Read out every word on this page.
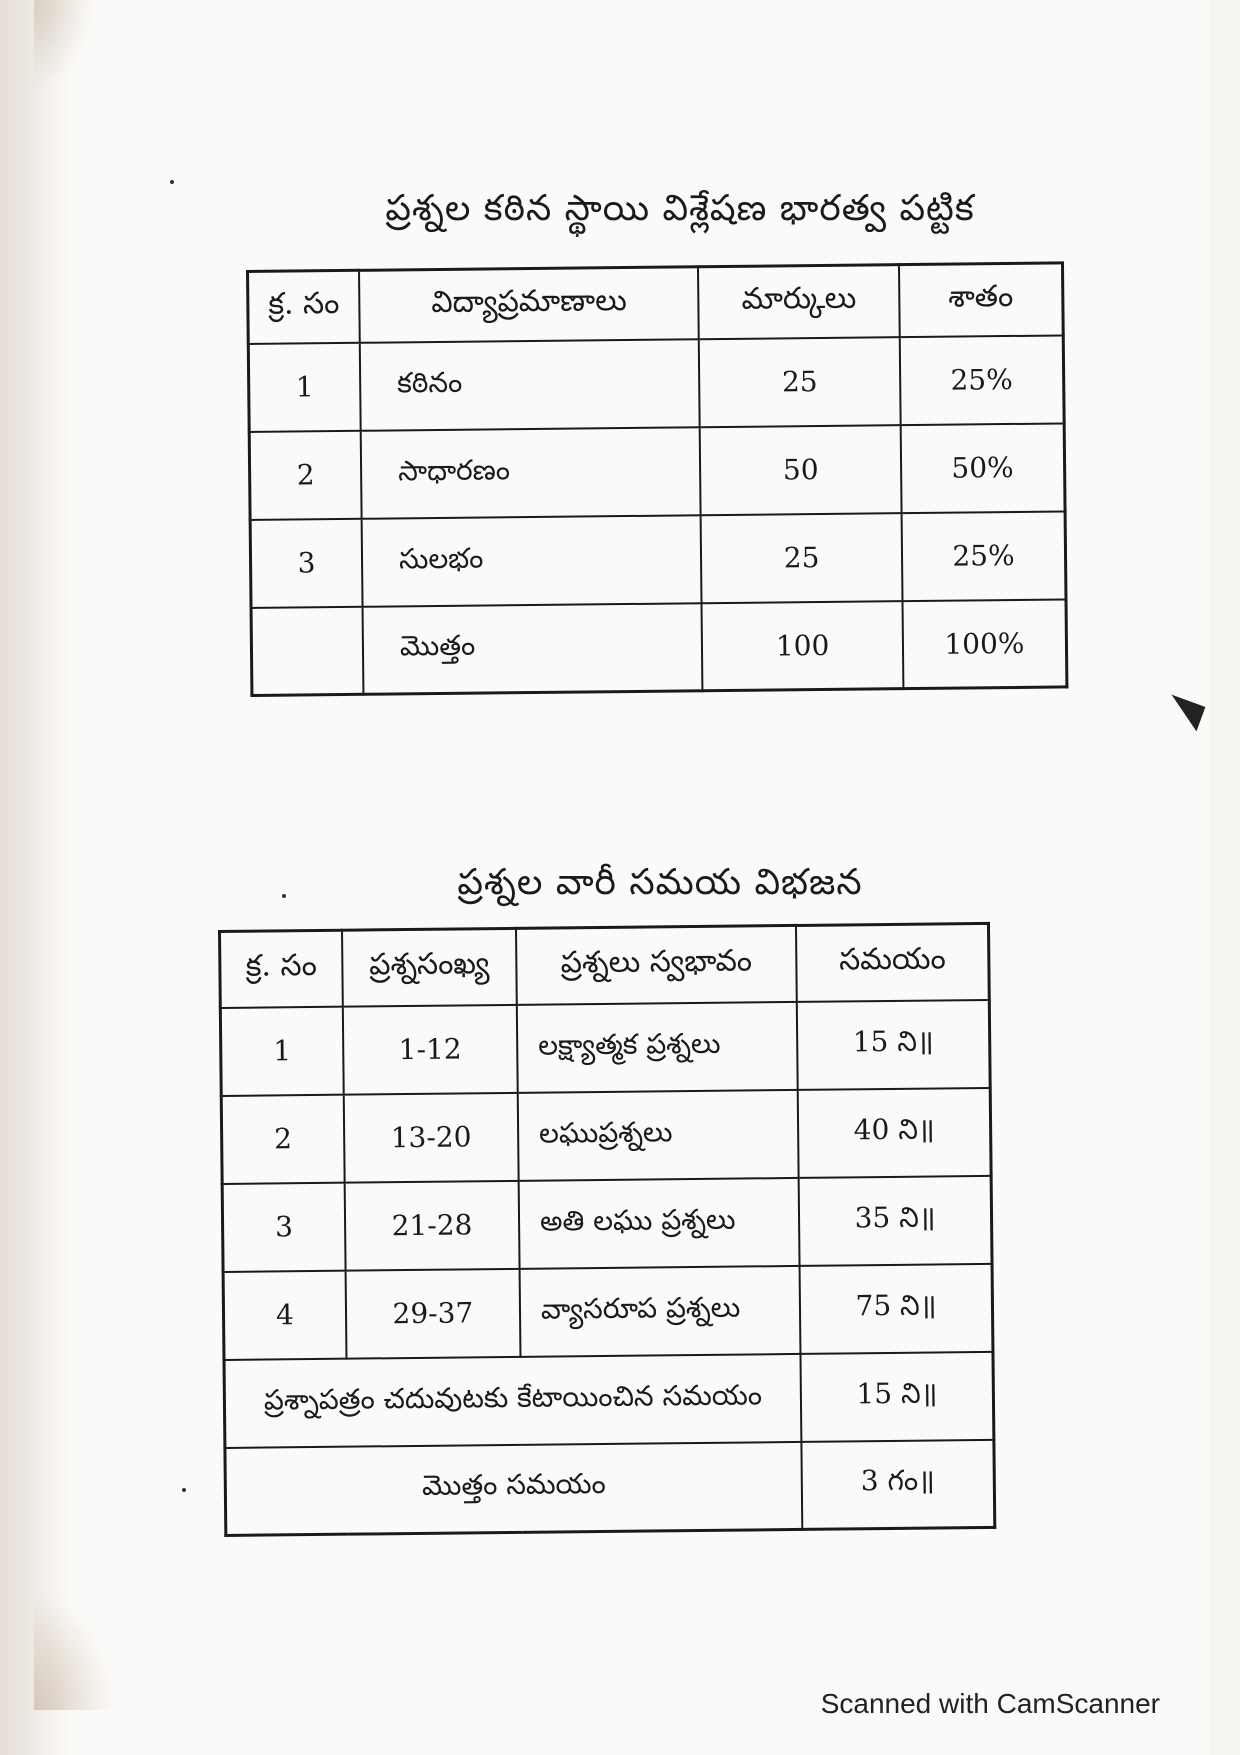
ప్రశ్నల కఠిన స్థాయి విశ్లేషణ భారత్వ పట్టిక
క్ర. సం	విద్యాప్రమాణాలు	మార్కులు	శాతం
1	కఠినం	25	25%
2	సాధారణం	50	50%
3	సులభం	25	25%
	మొత్తం	100	100%
ప్రశ్నల వారీ సమయ విభజన
క్ర. సం	ప్రశ్నసంఖ్య	ప్రశ్నలు స్వభావం	సమయం
1	1-12	లక్ష్యాత్మక ప్రశ్నలు	15 ని॥
2	13-20	లఘుప్రశ్నలు	40 ని॥
3	21-28	అతి లఘు ప్రశ్నలు	35 ని॥
4	29-37	వ్యాసరూప ప్రశ్నలు	75 ని॥
ప్రశ్నాపత్రం చదువుటకు కేటాయించిన సమయం			15 ని॥
మొత్తం సమయం			3 గం॥
Scanned with CamScanner
